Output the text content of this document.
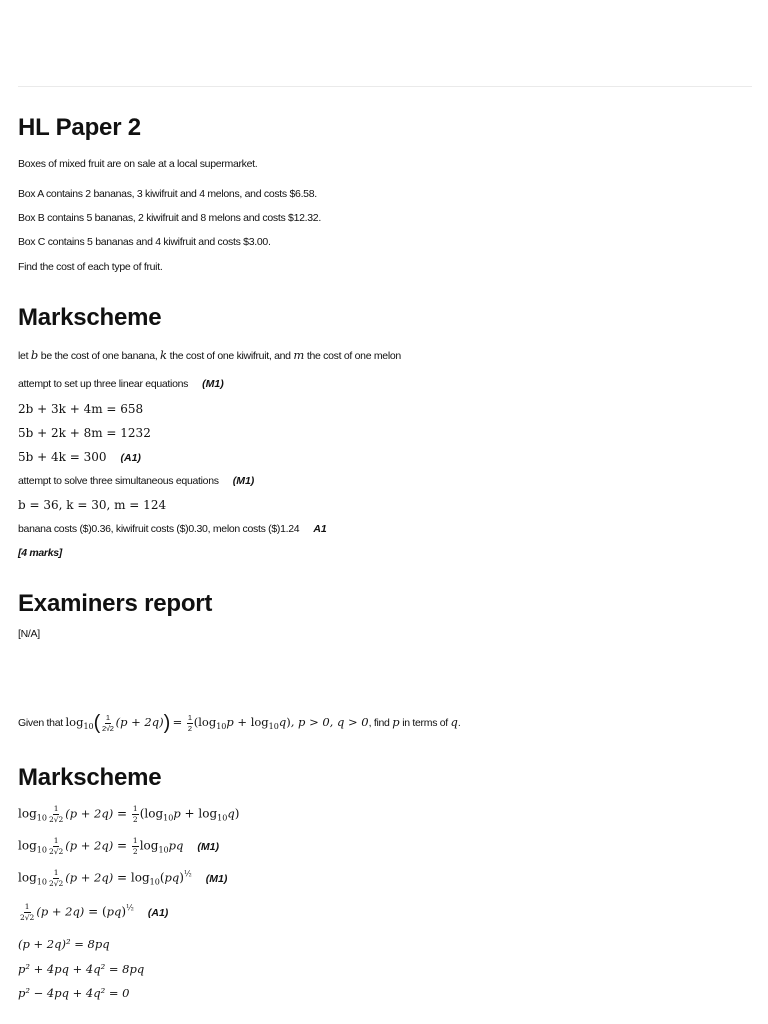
HL Paper 2
Boxes of mixed fruit are on sale at a local supermarket.
Box A contains 2 bananas, 3 kiwifruit and 4 melons, and costs $6.58.
Box B contains 5 bananas, 2 kiwifruit and 8 melons and costs $12.32.
Box C contains 5 bananas and 4 kiwifruit and costs $3.00.
Find the cost of each type of fruit.
Markscheme
let b be the cost of one banana, k the cost of one kiwifruit, and m the cost of one melon
attempt to set up three linear equations (M1)
2b + 3k + 4m = 658
5b + 2k + 8m = 1232
5b + 4k = 300 (A1)
attempt to solve three simultaneous equations (M1)
b = 36, k = 30, m = 124
banana costs ($)0.36, kiwifruit costs ($)0.30, melon costs ($)1.24 A1
[4 marks]
Examiners report
[N/A]
Given that $\log_{10}( \frac{1}{2√2} (p + 2q)) = \frac{1}{2} (\log_{10}p + \log_{10}q)$, p > 0, q > 0, find p in terms of q.
Markscheme
$\log_{10} \frac{1}{2√2} (p + 2q) = \frac{1}{2} (\log_{10}p + \log_{10}q)$
$\log_{10} \frac{1}{2√2} (p + 2q) = \frac{1}{2} \log_{10}pq$ (M1)
$\log_{10} \frac{1}{2√2} (p + 2q) = \log_{10}(pq)^{\frac{1}{2}}$ (M1)
$\frac{1}{2√2} (p + 2q) = (pq)^{\frac{1}{2}}$ (A1)
(p + 2q)² = 8pq
p² + 4pq + 4q² = 8pq
p² − 4pq + 4q² = 0
